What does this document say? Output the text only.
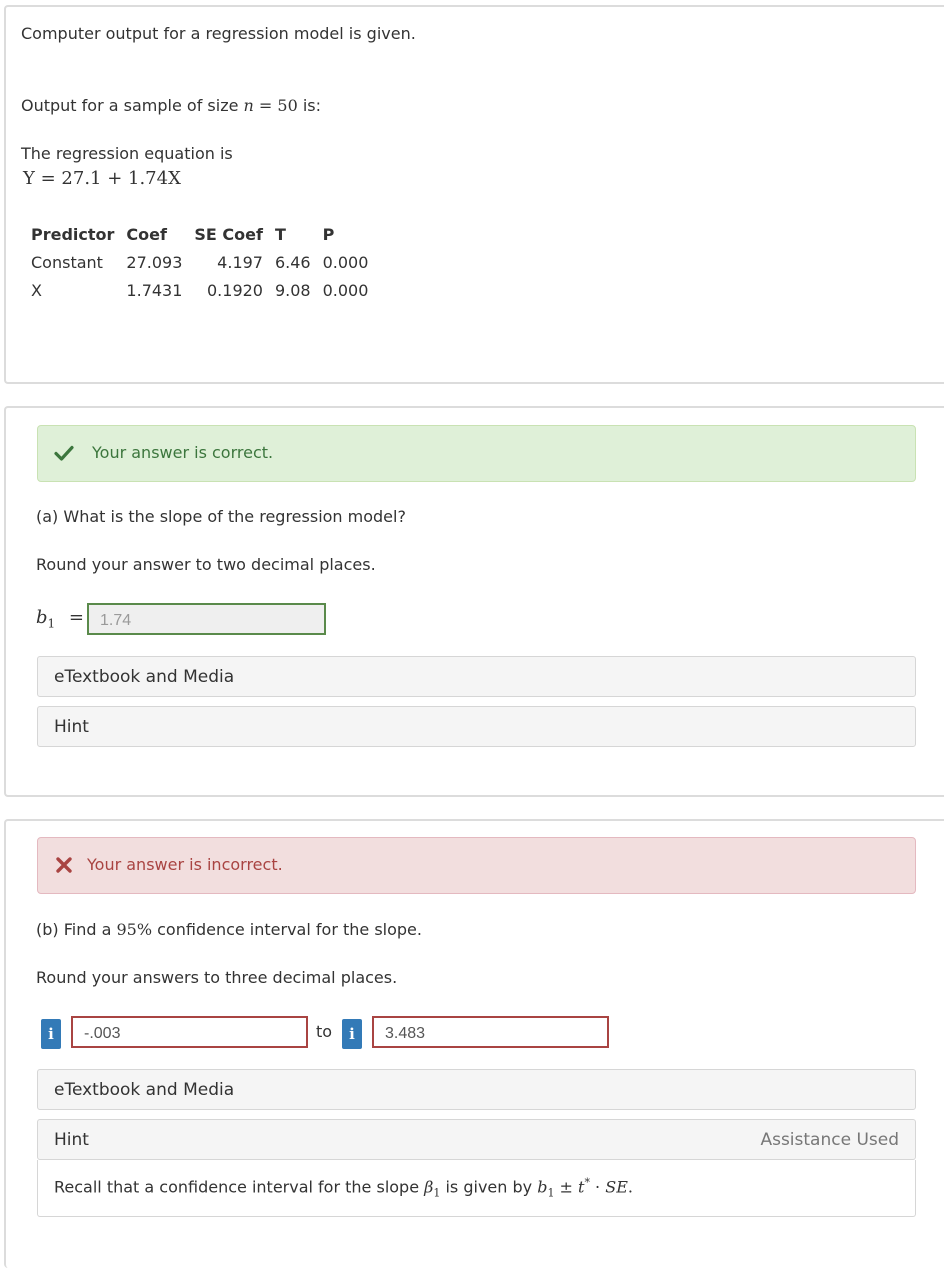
Computer output for a regression model is given.
Output for a sample of size n = 50 is:
The regression equation is
Y = 27.1 + 1.74X
Predictor	Coef	SE Coef	T	P
Constant	27.093	4.197	6.46	0.000
X	1.7431	0.1920	9.08	0.000
Your answer is correct.
(a) What is the slope of the regression model?
Round your answer to two decimal places.
$b_1$ =	1.74
eTextbook and Media
Hint
Your answer is incorrect.
(b) Find a 95% confidence interval for the slope.
Round your answers to three decimal places.
i	-.003	to	i	3.483
eTextbook and Media
Hint	Assistance Used
Recall that a confidence interval for the slope $\beta_1$ is given by $b_1 \pm t^*$ · SE.
